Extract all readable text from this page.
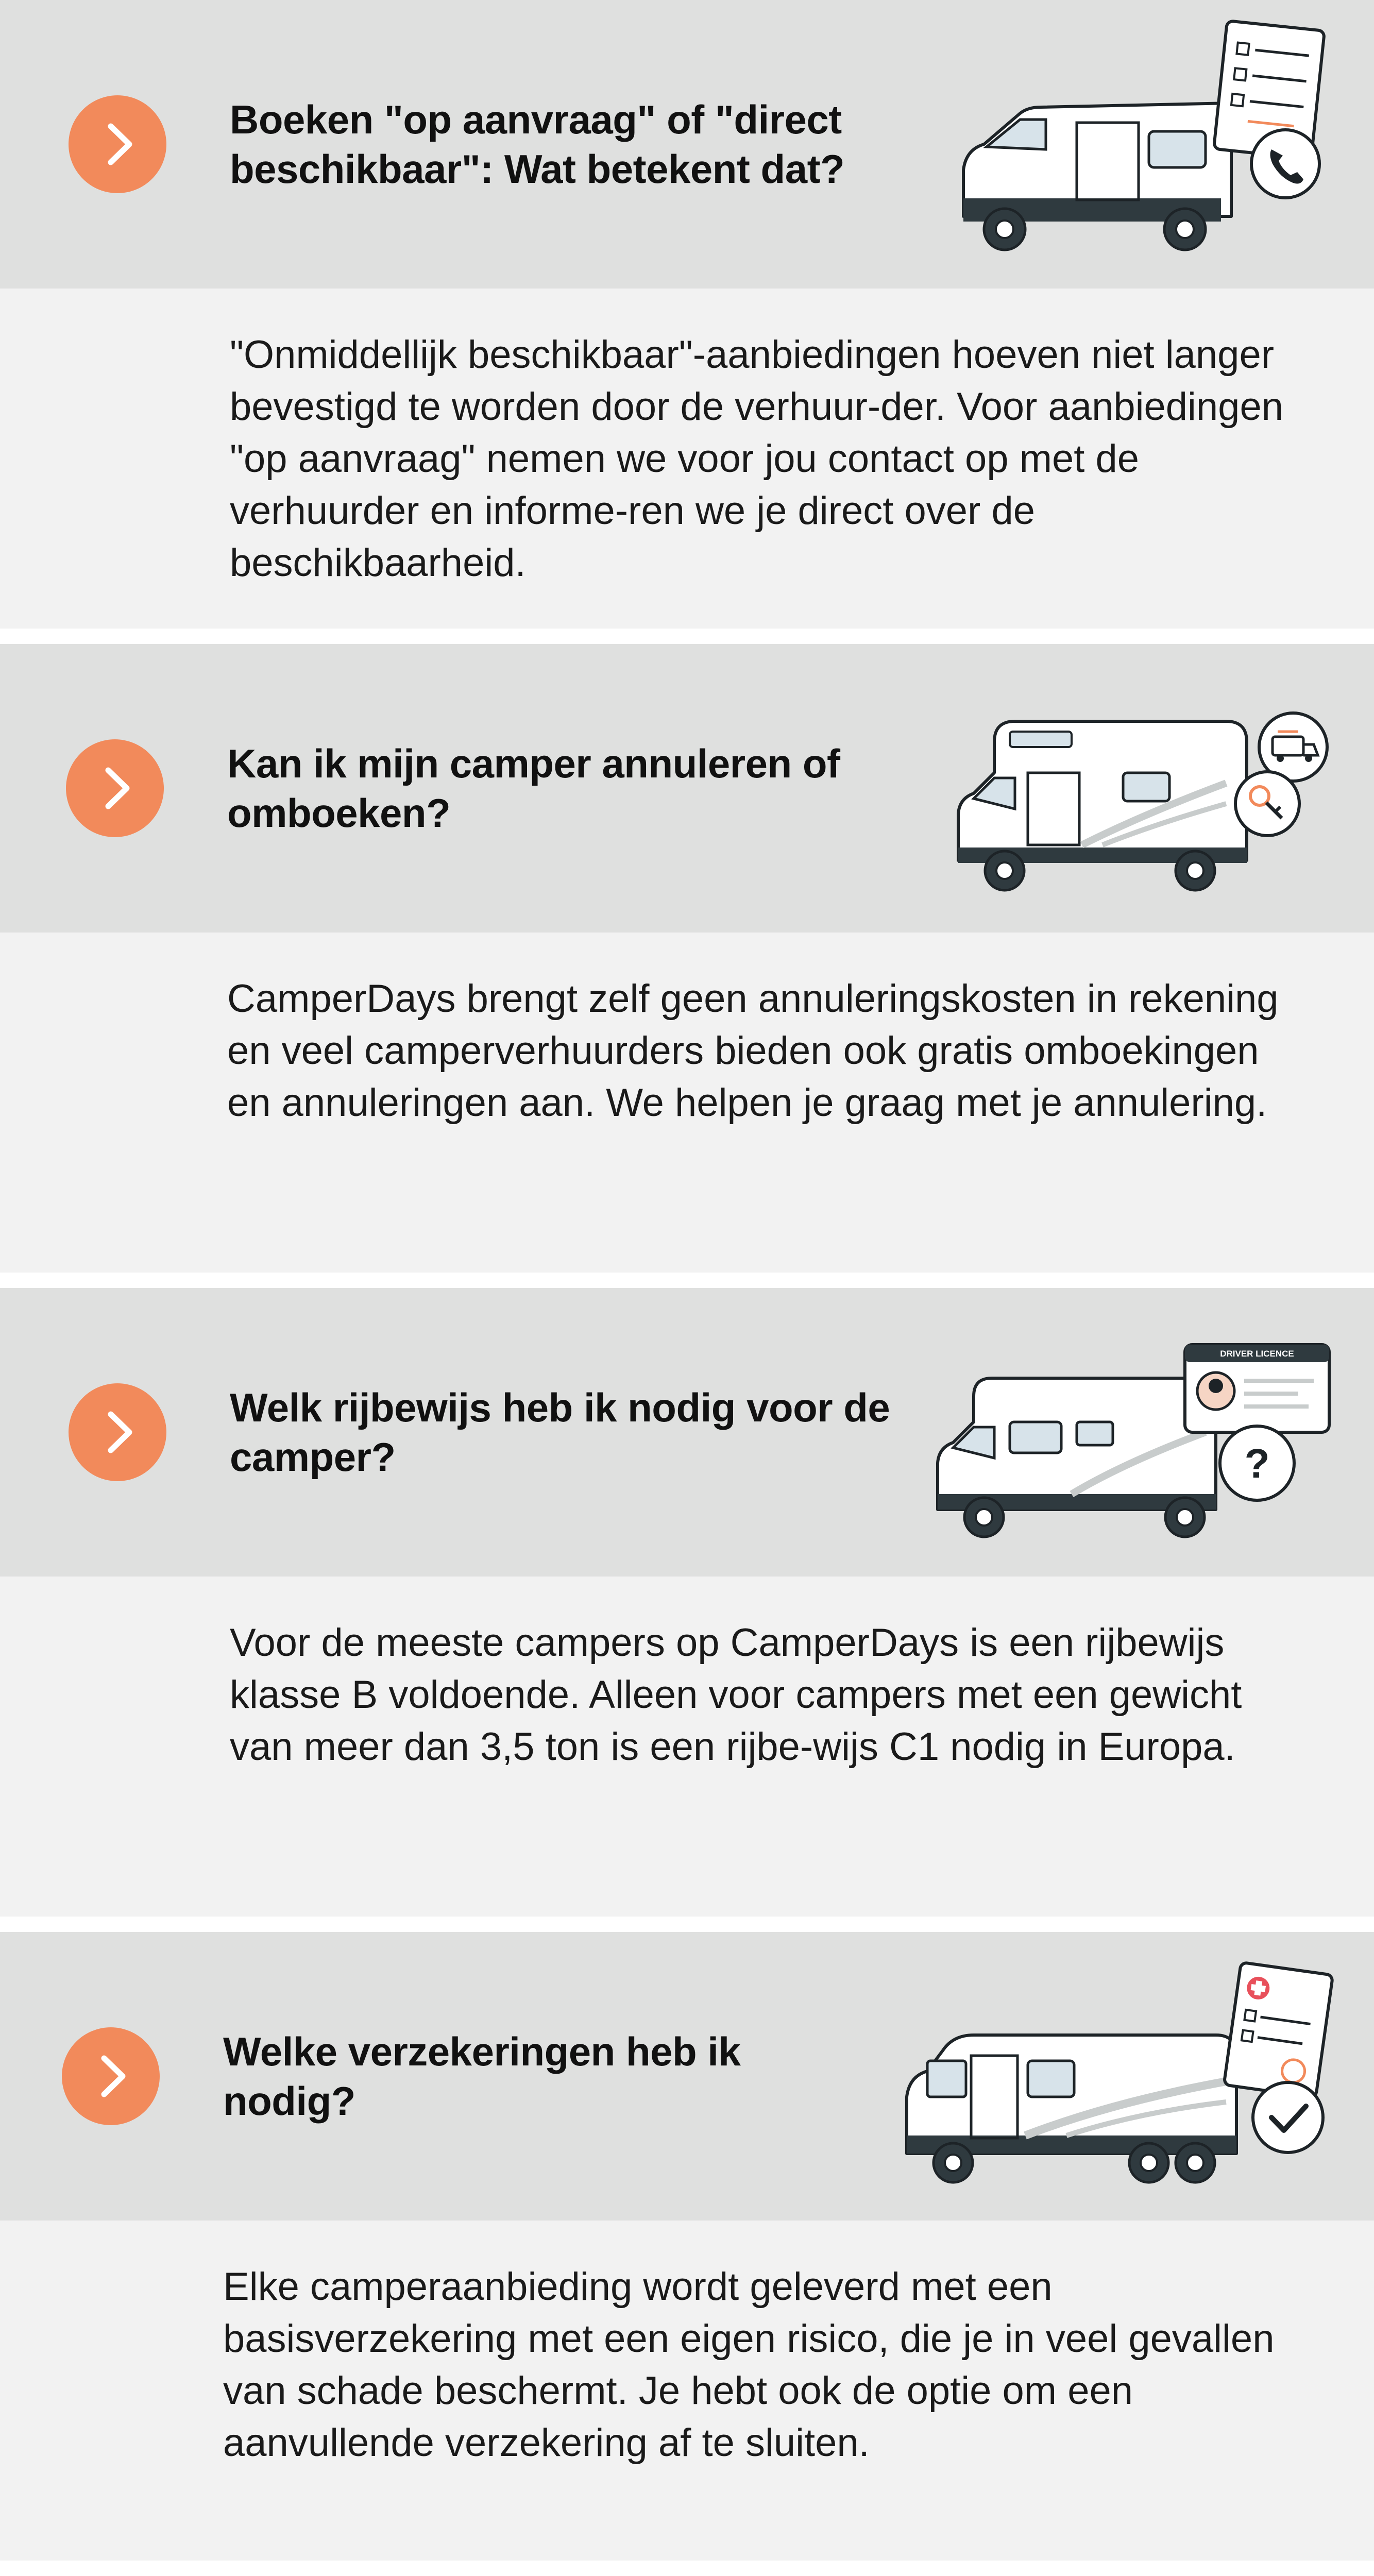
Boeken "op aanvraag" of "direct beschikbaar": Wat betekent dat?
"Onmiddellijk beschikbaar"-aanbiedingen hoeven niet langer bevestigd te worden door de verhuur-der. Voor aanbiedingen "op aanvraag" nemen we voor jou contact op met de verhuurder en informe-ren we je direct over de beschikbaarheid.
Kan ik mijn camper annuleren of omboeken?
CamperDays brengt zelf geen annuleringskosten in rekening en veel camperverhuurders bieden ook gratis omboekingen en annuleringen aan. We helpen je graag met je annulering.
Welk rijbewijs heb ik nodig voor de camper?
DRIVER LICENCE
?
Voor de meeste campers op CamperDays is een rijbewijs klasse B voldoende. Alleen voor campers met een gewicht van meer dan 3,5 ton is een rijbe-wijs C1 nodig in Europa.
Welke verzekeringen heb ik nodig?
Elke camperaanbieding wordt geleverd met een basisverzekering met een eigen risico, die je in veel gevallen van schade beschermt. Je hebt ook de optie om een aanvullende verzekering af te sluiten.
